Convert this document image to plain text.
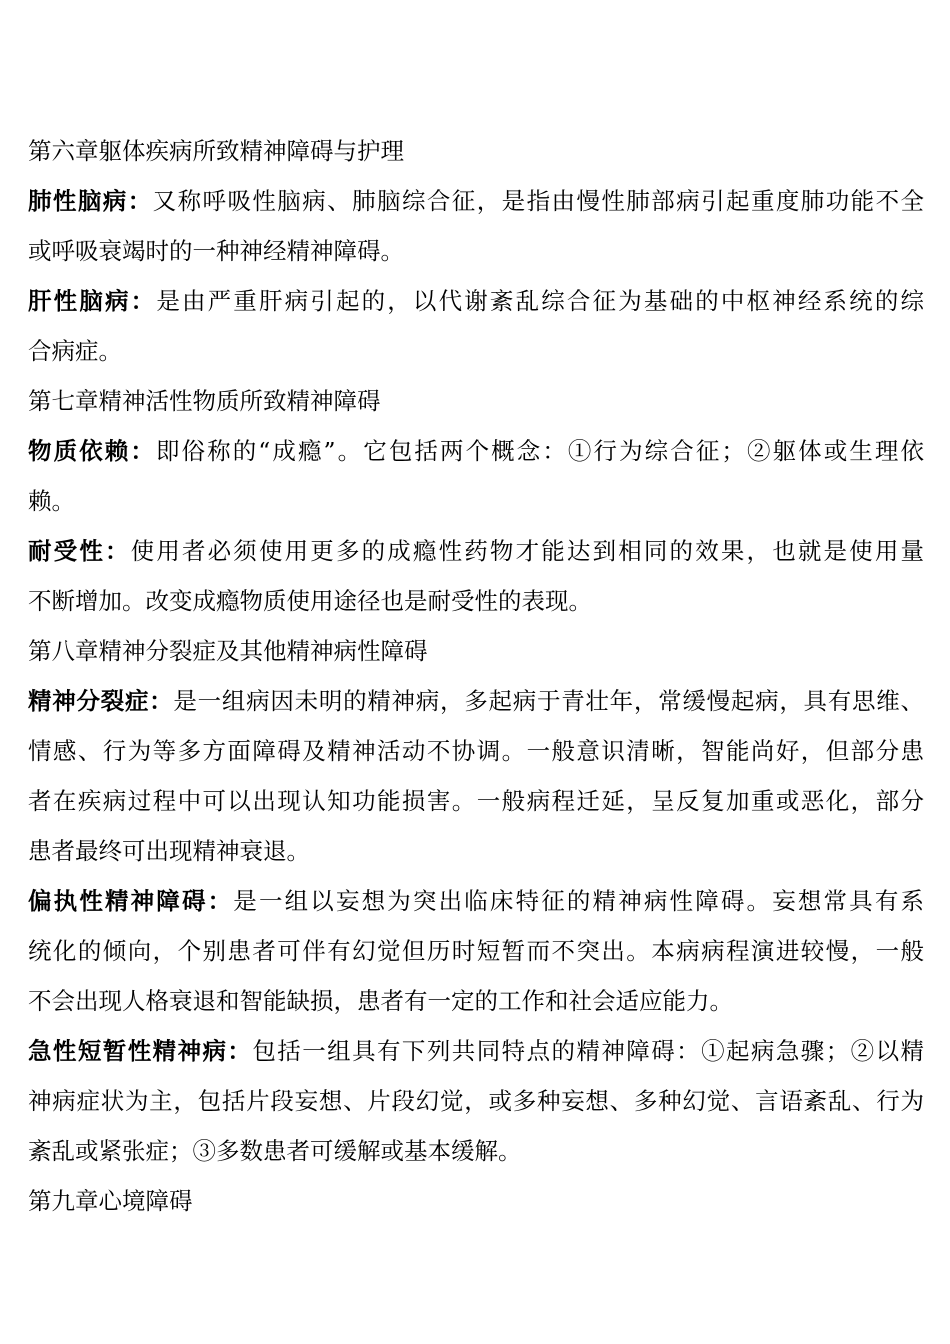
第六章躯体疾病所致精神障碍与护理
肺性脑病：又称呼吸性脑病、肺脑综合征，是指由慢性肺部病引起重度肺功能不全
或呼吸衰竭时的一种神经精神障碍。
肝性脑病：是由严重肝病引起的，以代谢紊乱综合征为基础的中枢神经系统的综
合病症。
第七章精神活性物质所致精神障碍
物质依赖：即俗称的“成瘾”。它包括两个概念：①行为综合征；②躯体或生理依
赖。
耐受性：使用者必须使用更多的成瘾性药物才能达到相同的效果，也就是使用量
不断增加。改变成瘾物质使用途径也是耐受性的表现。
第八章精神分裂症及其他精神病性障碍
精神分裂症：是一组病因未明的精神病，多起病于青壮年，常缓慢起病，具有思维、
情感、行为等多方面障碍及精神活动不协调。一般意识清晰，智能尚好，但部分患
者在疾病过程中可以出现认知功能损害。一般病程迁延，呈反复加重或恶化，部分
患者最终可出现精神衰退。
偏执性精神障碍：是一组以妄想为突出临床特征的精神病性障碍。妄想常具有系
统化的倾向，个别患者可伴有幻觉但历时短暂而不突出。本病病程演进较慢，一般
不会出现人格衰退和智能缺损，患者有一定的工作和社会适应能力。
急性短暂性精神病：包括一组具有下列共同特点的精神障碍：①起病急骤；②以精
神病症状为主，包括片段妄想、片段幻觉，或多种妄想、多种幻觉、言语紊乱、行为
紊乱或紧张症；③多数患者可缓解或基本缓解。
第九章心境障碍
